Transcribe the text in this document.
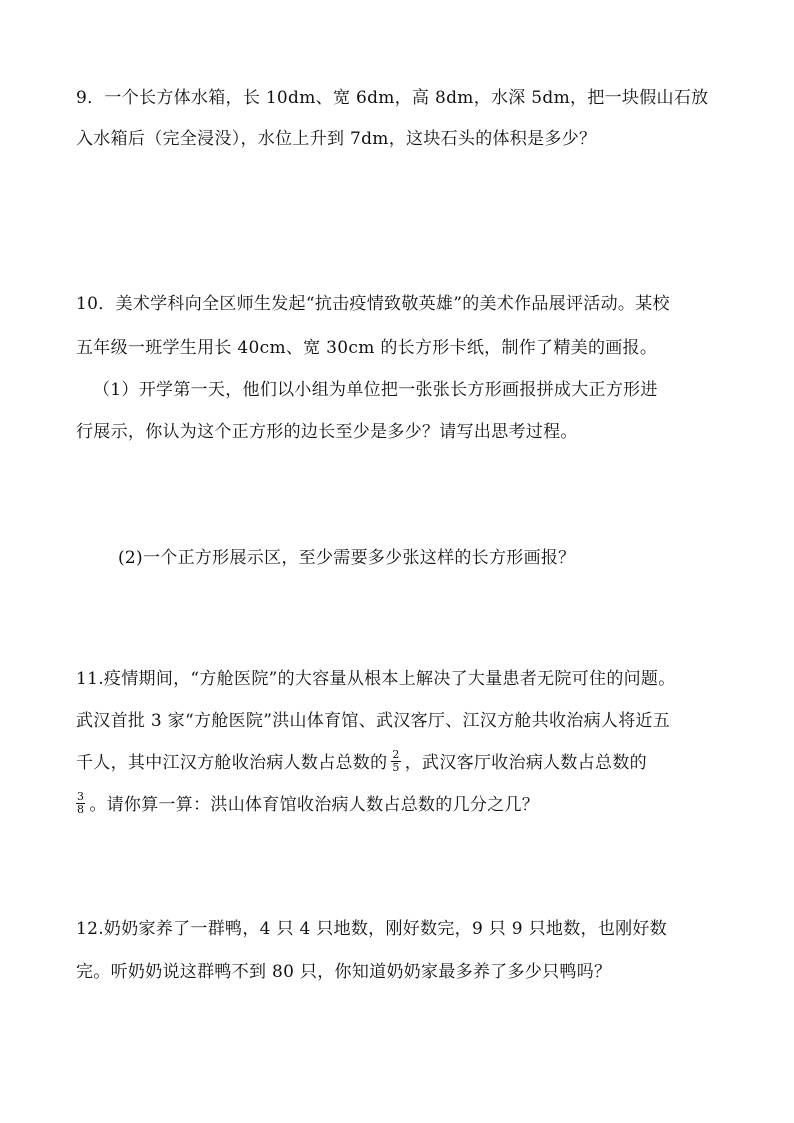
9．一个长方体水箱，长 10dm、宽 6dm，高 8dm，水深 5dm，把一块假山石放
入水箱后（完全浸没），水位上升到 7dm，这块石头的体积是多少？
10．美术学科向全区师生发起“抗击疫情致敬英雄”的美术作品展评活动。某校
五年级一班学生用长 40cm、宽 30cm 的长方形卡纸，制作了精美的画报。
（1）开学第一天，他们以小组为单位把一张张长方形画报拼成大正方形进
行展示，你认为这个正方形的边长至少是多少？请写出思考过程。
(2)一个正方形展示区，至少需要多少张这样的长方形画报？
11.疫情期间，“方舱医院”的大容量从根本上解决了大量患者无院可住的问题。
武汉首批 3 家“方舱医院”洪山体育馆、武汉客厅、江汉方舱共收治病人将近五
千人，其中江汉方舱收治病人数占总数的 $\frac{2}{5}$ ，武汉客厅收治病人数占总数的
$\frac{3}{8}$ 。请你算一算：洪山体育馆收治病人数占总数的几分之几？
12.奶奶家养了一群鸭，4 只 4 只地数，刚好数完，9 只 9 只地数，也刚好数
完。听奶奶说这群鸭不到 80 只，你知道奶奶家最多养了多少只鸭吗？
